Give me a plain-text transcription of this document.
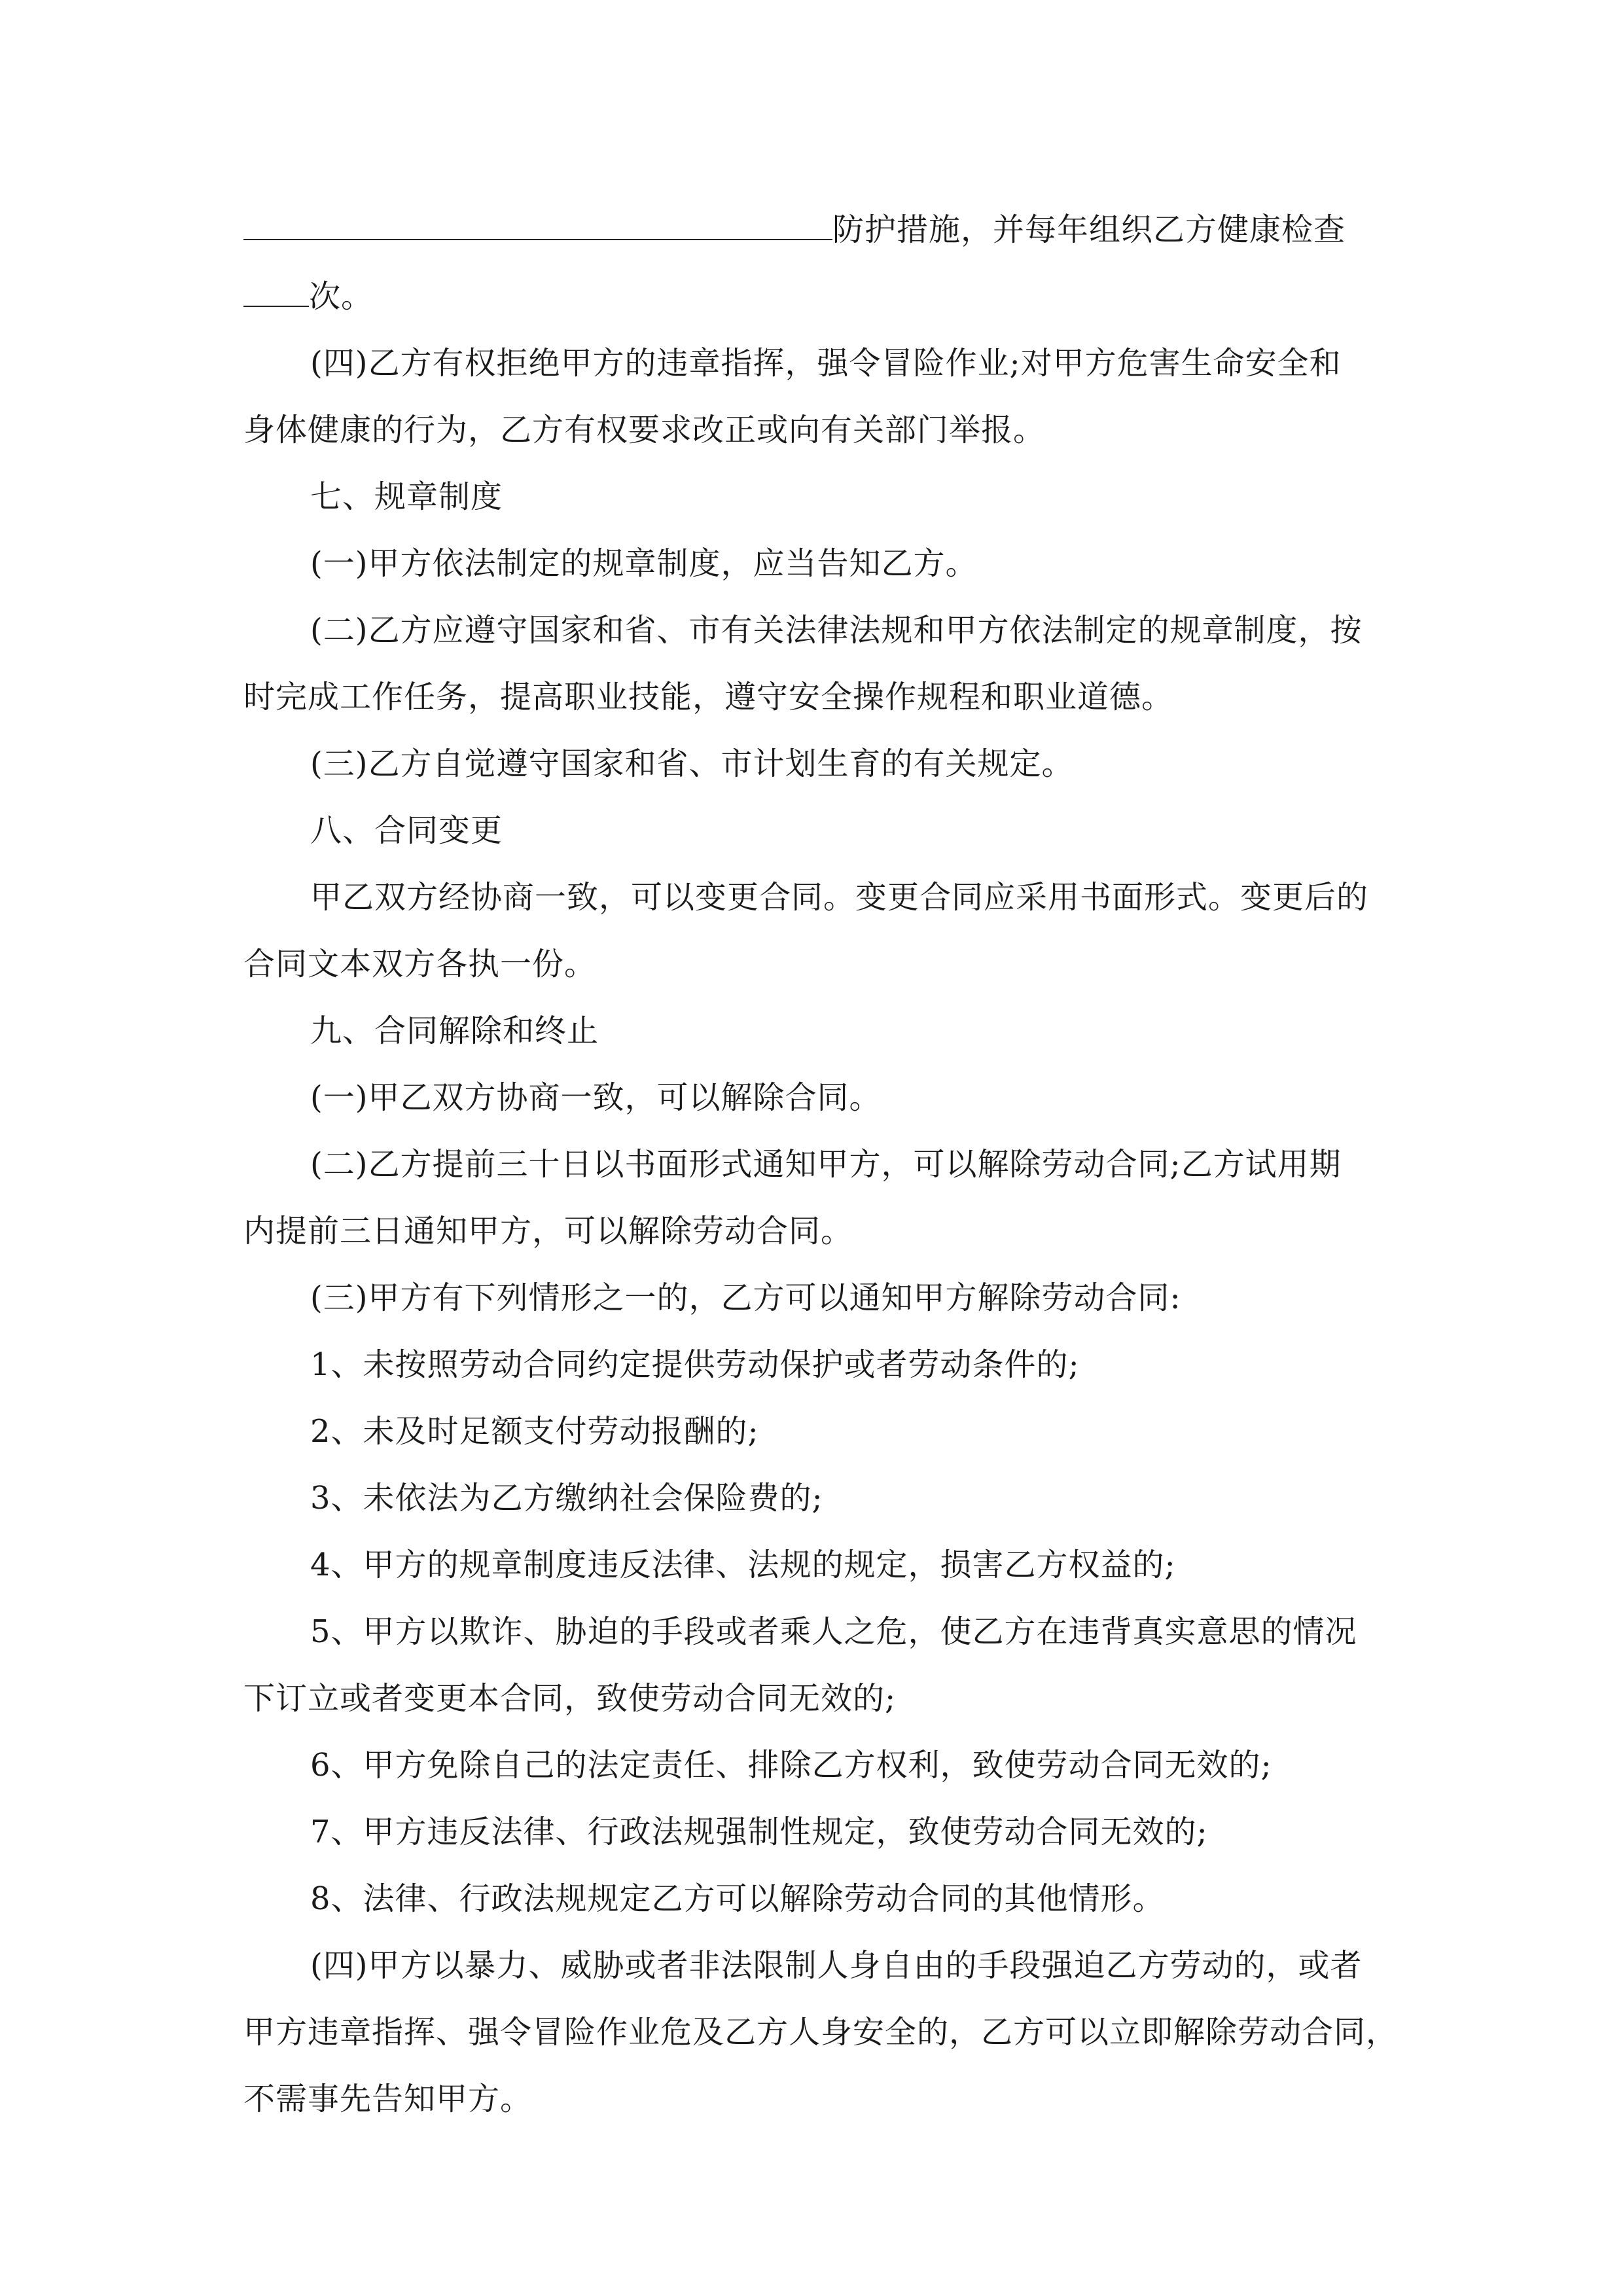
防护措施，并每年组织乙方健康检查
次。
(四)乙方有权拒绝甲方的违章指挥，强令冒险作业;对甲方危害生命安全和
身体健康的行为，乙方有权要求改正或向有关部门举报。
七、规章制度
(一)甲方依法制定的规章制度，应当告知乙方。
(二)乙方应遵守国家和省、市有关法律法规和甲方依法制定的规章制度，按
时完成工作任务，提高职业技能，遵守安全操作规程和职业道德。
(三)乙方自觉遵守国家和省、市计划生育的有关规定。
八、合同变更
甲乙双方经协商一致，可以变更合同。变更合同应采用书面形式。变更后的
合同文本双方各执一份。
九、合同解除和终止
(一)甲乙双方协商一致，可以解除合同。
(二)乙方提前三十日以书面形式通知甲方，可以解除劳动合同;乙方试用期
内提前三日通知甲方，可以解除劳动合同。
(三)甲方有下列情形之一的，乙方可以通知甲方解除劳动合同:
1、未按照劳动合同约定提供劳动保护或者劳动条件的;
2、未及时足额支付劳动报酬的;
3、未依法为乙方缴纳社会保险费的;
4、甲方的规章制度违反法律、法规的规定，损害乙方权益的;
5、甲方以欺诈、胁迫的手段或者乘人之危，使乙方在违背真实意思的情况
下订立或者变更本合同，致使劳动合同无效的;
6、甲方免除自己的法定责任、排除乙方权利，致使劳动合同无效的;
7、甲方违反法律、行政法规强制性规定，致使劳动合同无效的;
8、法律、行政法规规定乙方可以解除劳动合同的其他情形。
(四)甲方以暴力、威胁或者非法限制人身自由的手段强迫乙方劳动的，或者
甲方违章指挥、强令冒险作业危及乙方人身安全的，乙方可以立即解除劳动合同，
不需事先告知甲方。
